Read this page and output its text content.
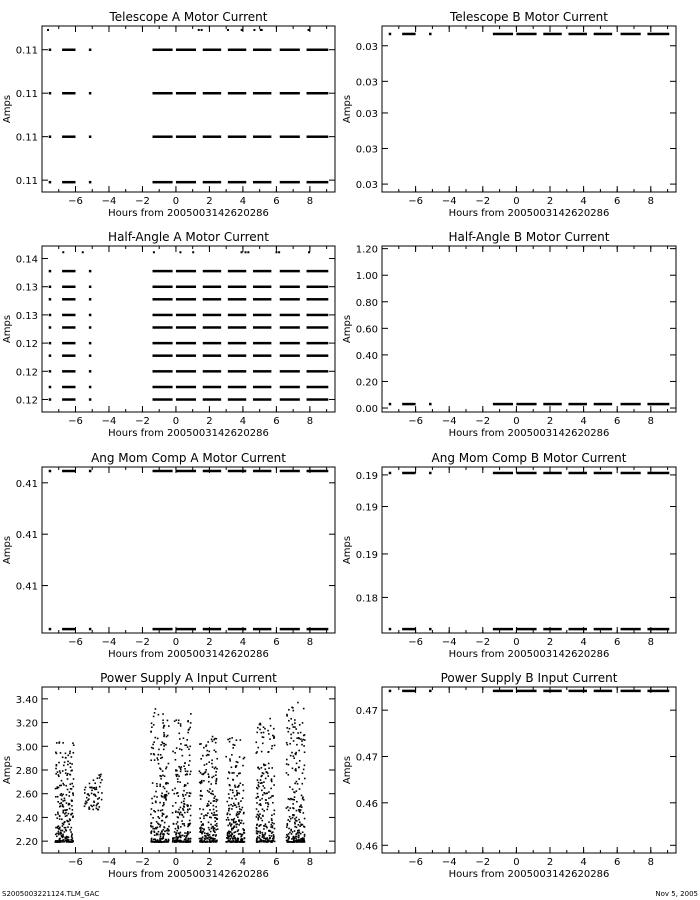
Telescope A Motor Current
−6 −4 −2 0	2	4	6	8
0.11
0.11
0.11
0.11
Hours from 2005003142620286
Amps
Telescope B Motor Current
−6 −4 −2 0	2	4	6	8
0.03
0.03
0.03
0.03
0.03
Hours from 2005003142620286
Amps
Half-Angle A Motor Current
−6 −4 −2 0	2	4	6	8
0.12
0.12
0.12
0.13
0.13
0.14
Hours from 2005003142620286
Amps
Half-Angle B Motor Current
−6 −4 −2 0	2	4	6	8
0.00
0.20
0.40
0.60
0.80
1.00
1.20
Hours from 2005003142620286
Amps
Ang Mom Comp A Motor Current
−6 −4 −2 0	2	4	6	8
0.41
0.41
0.41
Hours from 2005003142620286
Amps
Ang Mom Comp B Motor Current
−6 −4 −2 0	2	4	6	8
0.18
0.19
0.19
0.19
Hours from 2005003142620286
Amps
Power Supply A Input Current
−6 −4 −2 0	2	4	6	8
2.20
2.40
2.60
2.80
3.00
3.20
3.40
Hours from 2005003142620286
Amps
Power Supply B Input Current
−6 −4 −2 0	2	4	6	8
0.46
0.46
0.47
0.47
Hours from 2005003142620286
Amps
S2005003221124.TLM_GAC	Nov 5, 2005
